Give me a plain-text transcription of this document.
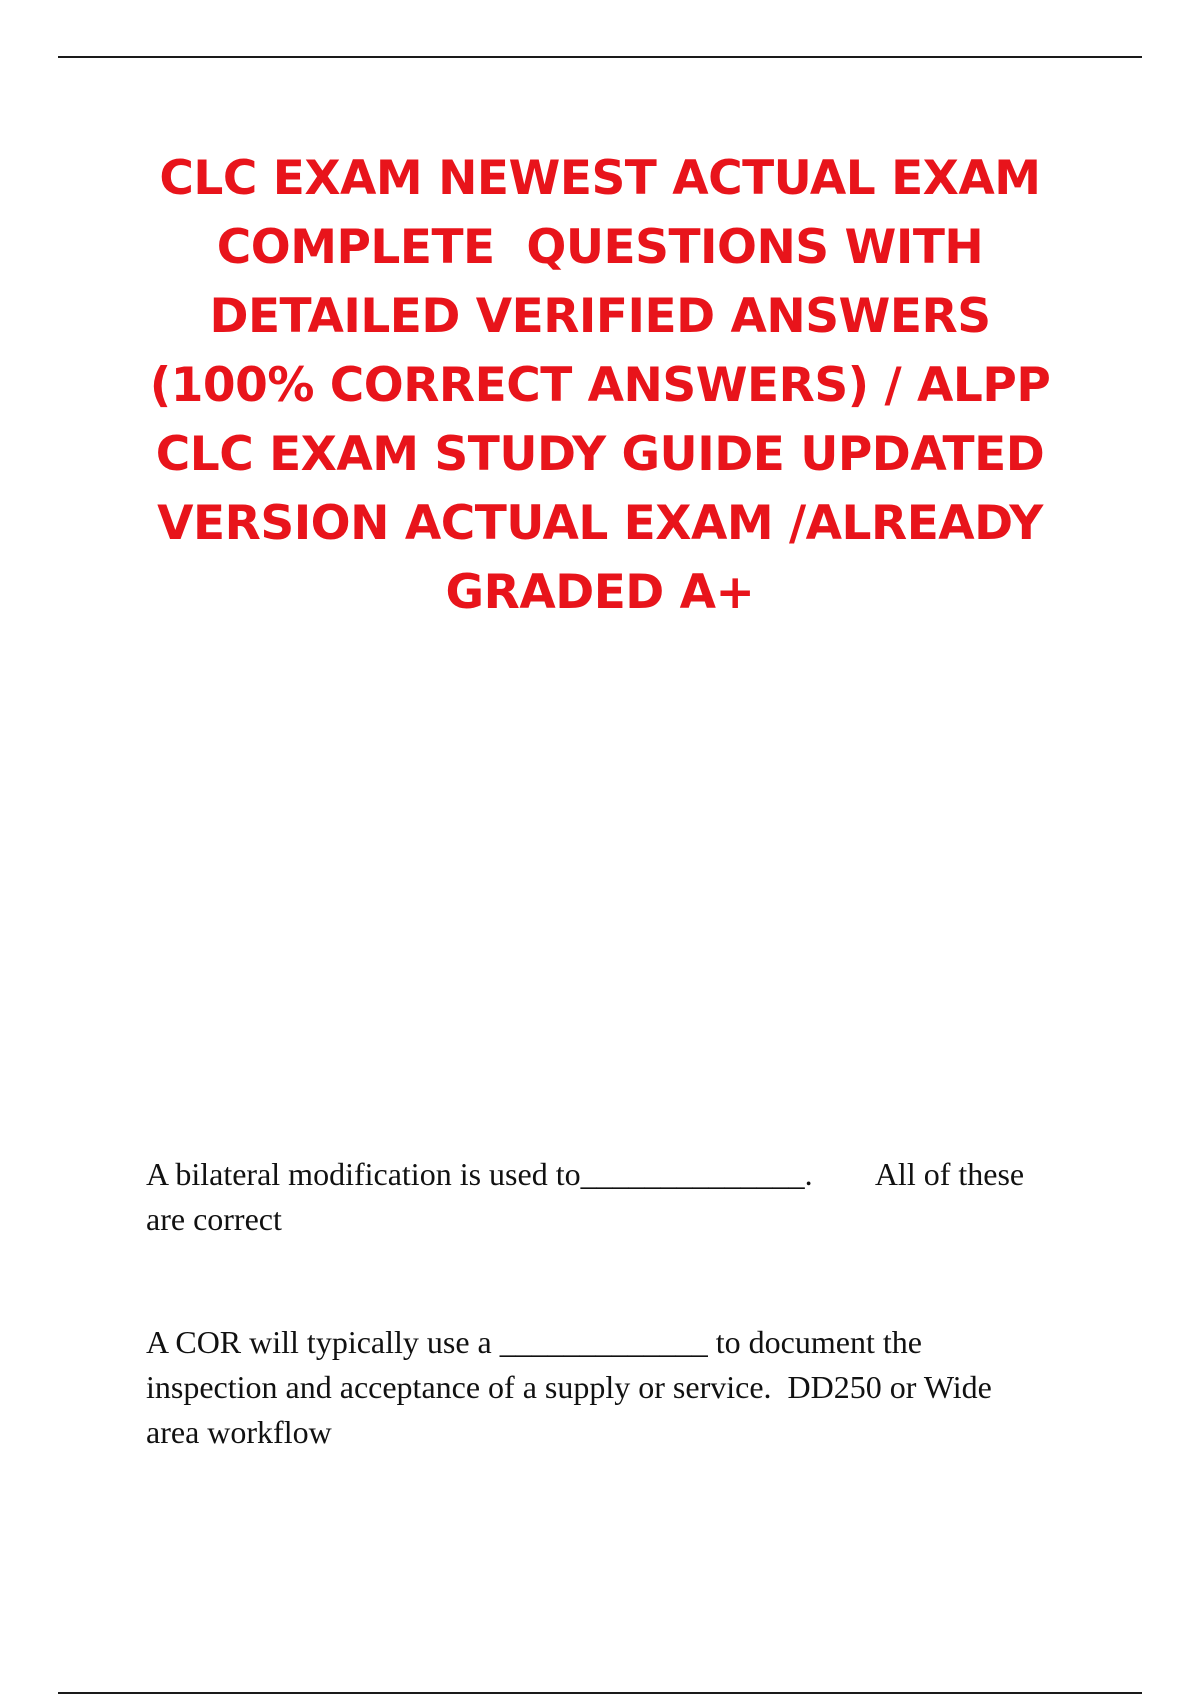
CLC EXAM NEWEST ACTUAL EXAM
COMPLETE  QUESTIONS WITH
DETAILED VERIFIED ANSWERS
(100% CORRECT ANSWERS) / ALPP
CLC EXAM STUDY GUIDE UPDATED
VERSION ACTUAL EXAM /ALREADY
GRADED A+
A bilateral modification is used to______________. All of these are correct
A COR will typically use a _____________ to document the inspection and acceptance of a supply or service. DD250 or Wide area workflow
